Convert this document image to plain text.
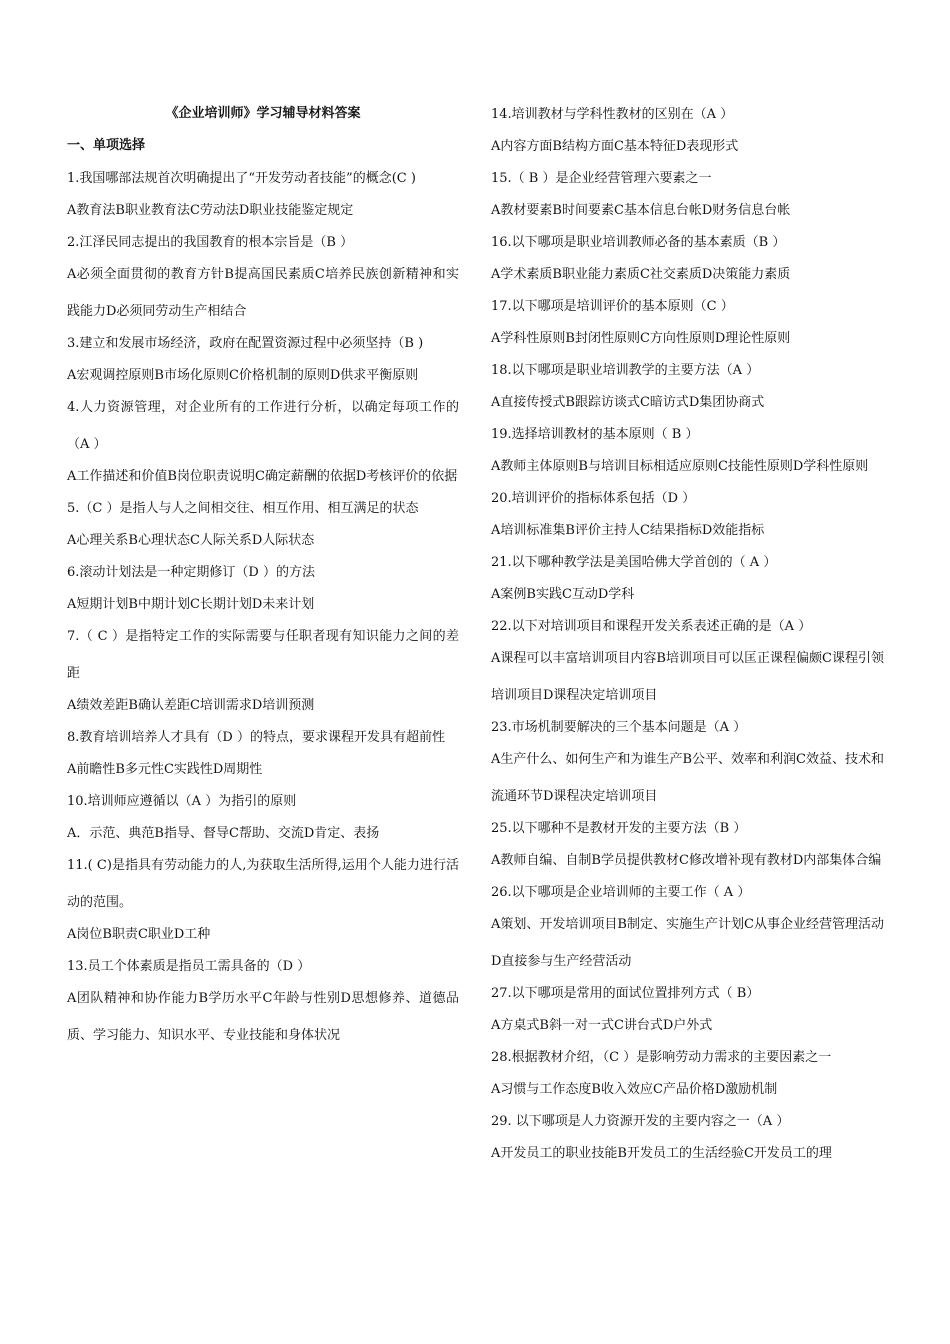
《企业培训师》学习辅导材料答案
一、单项选择
1.我国哪部法规首次明确提出了“开发劳动者技能”的概念(C )
A教育法B职业教育法C劳动法D职业技能鉴定规定
2.江泽民同志提出的我国教育的根本宗旨是（B ）
A必须全面贯彻的教育方针B提高国民素质C培养民族创新精神和实践能力D必须同劳动生产相结合
3.建立和发展市场经济，政府在配置资源过程中必须坚持（B )
A宏观调控原则B市场化原则C价格机制的原则D供求平衡原则
4.人力资源管理，对企业所有的工作进行分析，以确定每项工作的（A ）
A工作描述和价值B岗位职责说明C确定薪酬的依据D考核评价的依据
5.（C ）是指人与人之间相交往、相互作用、相互满足的状态
A心理关系B心理状态C人际关系D人际状态
6.滚动计划法是一种定期修订（D ）的方法
A短期计划B中期计划C长期计划D未来计划
7.（ C ）是指特定工作的实际需要与任职者现有知识能力之间的差距
A绩效差距B确认差距C培训需求D培训预测
8.教育培训培养人才具有（D ）的特点，要求课程开发具有超前性
A前瞻性B多元性C实践性D周期性
10.培训师应遵循以（A ）为指引的原则
A．示范、典范B指导、督导C帮助、交流D肯定、表扬
11.( C)是指具有劳动能力的人,为获取生活所得,运用个人能力进行活动的范围。
A岗位B职责C职业D工种
13.员工个体素质是指员工需具备的（D ）
A团队精神和协作能力B学历水平C年龄与性别D思想修养、道德品质、学习能力、知识水平、专业技能和身体状况
14.培训教材与学科性教材的区别在（A ）
A内容方面B结构方面C基本特征D表现形式
15.（ B ）是企业经营管理六要素之一
A教材要素B时间要素C基本信息台帐D财务信息台帐
16.以下哪项是职业培训教师必备的基本素质（B ）
A学术素质B职业能力素质C社交素质D决策能力素质
17.以下哪项是培训评价的基本原则（C ）
A学科性原则B封闭性原则C方向性原则D理论性原则
18.以下哪项是职业培训教学的主要方法（A ）
A直接传授式B跟踪访谈式C暗访式D集团协商式
19.选择培训教材的基本原则（ B ）
A教师主体原则B与培训目标相适应原则C技能性原则D学科性原则
20.培训评价的指标体系包括（D ）
A培训标准集B评价主持人C结果指标D效能指标
21.以下哪种教学法是美国哈佛大学首创的（ A ）
A案例B实践C互动D学科
22.以下对培训项目和课程开发关系表述正确的是（A ）
A课程可以丰富培训项目内容B培训项目可以匡正课程偏颇C课程引领培训项目D课程决定培训项目
23.市场机制要解决的三个基本问题是（A ）
A生产什么、如何生产和为谁生产B公平、效率和利润C效益、技术和流通环节D课程决定培训项目
25.以下哪种不是教材开发的主要方法（B ）
A教师自编、自制B学员提供教材C修改增补现有教材D内部集体合编
26.以下哪项是企业培训师的主要工作（ A ）
A策划、开发培训项目B制定、实施生产计划C从事企业经营管理活动D直接参与生产经营活动
27.以下哪项是常用的面试位置排列方式（ B）
A方桌式B斜一对一式C讲台式D户外式
28.根据教材介绍，（C ）是影响劳动力需求的主要因素之一
A习惯与工作态度B收入效应C产品价格D激励机制
29. 以下哪项是人力资源开发的主要内容之一（A ）
A开发员工的职业技能B开发员工的生活经验C开发员工的理
